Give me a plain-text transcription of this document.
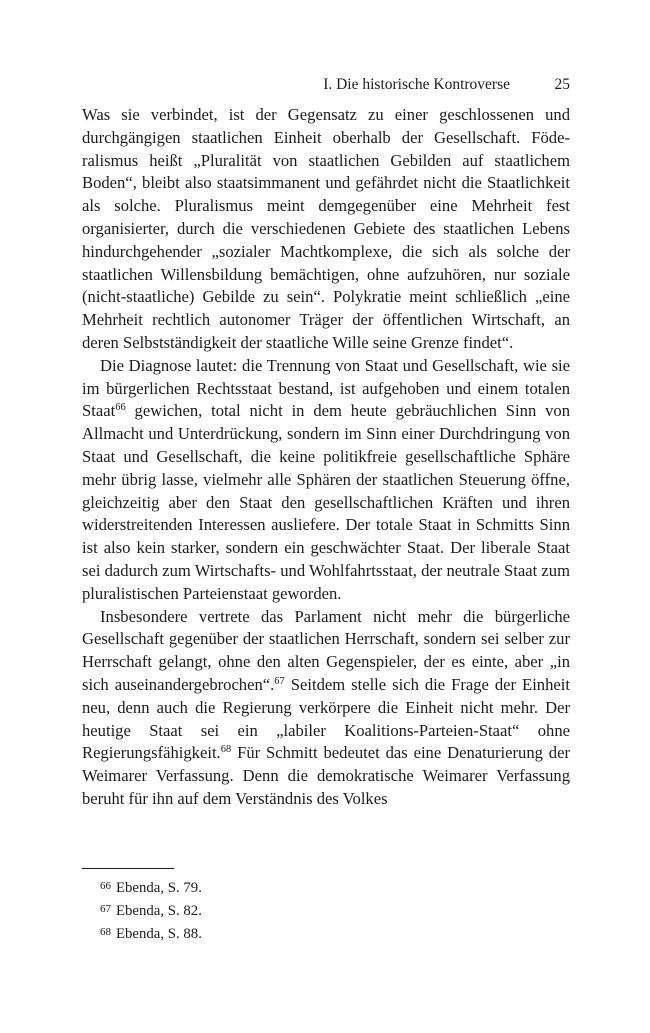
I. Die historische Kontroverse	25

Was sie verbindet, ist der Gegensatz zu einer geschlossenen und durchgängigen staatlichen Einheit oberhalb der Gesellschaft. Föderalismus heißt „Pluralität von staatlichen Gebilden auf staatlichem Boden“, bleibt also staatsimmanent und gefährdet nicht die Staatlichkeit als solche. Pluralismus meint demgegenüber eine Mehrheit fest organisierter, durch die verschiedenen Gebiete des staatlichen Lebens hindurchgehender „sozialer Machtkomplexe, die sich als solche der staatlichen Willensbildung bemächtigen, ohne aufzuhören, nur soziale (nicht-staatliche) Gebilde zu sein“. Polykratie meint schließlich „eine Mehrheit rechtlich autonomer Träger der öffentlichen Wirtschaft, an deren Selbstständigkeit der staatliche Wille seine Grenze findet“.

Die Diagnose lautet: die Trennung von Staat und Gesellschaft, wie sie im bürgerlichen Rechtsstaat bestand, ist aufgehoben und einem totalen Staat$^{66}$ gewichen, total nicht in dem heute gebräuchlichen Sinn von Allmacht und Unterdrückung, sondern im Sinn einer Durchdringung von Staat und Gesellschaft, die keine politikfreie gesellschaftliche Sphäre mehr übrig lasse, vielmehr alle Sphären der staatlichen Steuerung öffne, gleichzeitig aber den Staat den gesellschaftlichen Kräften und ihren widerstreitenden Interessen ausliefere. Der totale Staat in Schmitts Sinn ist also kein starker, sondern ein geschwächter Staat. Der liberale Staat sei dadurch zum Wirtschafts- und Wohlfahrtsstaat, der neutrale Staat zum pluralistischen Parteienstaat geworden.

Insbesondere vertrete das Parlament nicht mehr die bürgerliche Gesellschaft gegenüber der staatlichen Herrschaft, sondern sei selber zur Herrschaft gelangt, ohne den alten Gegenspieler, der es einte, aber „in sich auseinandergebrochen“.$^{67}$ Seitdem stelle sich die Frage der Einheit neu, denn auch die Regierung verkörpere die Einheit nicht mehr. Der heutige Staat sei ein „labiler Koalitions-Parteien-Staat“ ohne Regierungsfähigkeit.$^{68}$ Für Schmitt bedeutet das eine Denaturierung der Weimarer Verfassung. Denn die demokratische Weimarer Verfassung beruht für ihn auf dem Verständnis des Volkes

$^{66}$ Ebenda, S. 79.
$^{67}$ Ebenda, S. 82.
$^{68}$ Ebenda, S. 88.
